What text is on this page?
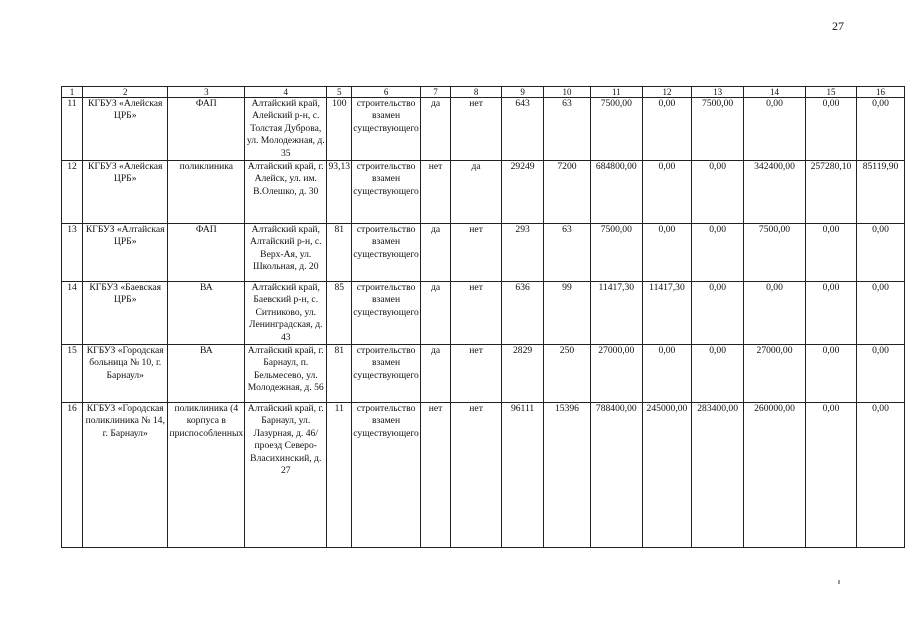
27
1	2	3	4	5	6	7	8	9	10	11	12	13	14	15	16
11	КГБУЗ «Алейская ЦРБ»	ФАП	Алтайский край, Алейский р-н, с. Толстая Дуброва, ул. Молодежная, д. 35	100	строительство взамен существующего	да	нет	643	63	7500,00	0,00	7500,00	0,00	0,00	0,00
12	КГБУЗ «Алейская ЦРБ»	поликлиника	Алтайский край, г. Алейск, ул. им. В.Олешко, д. 30	93,13	строительство взамен существующего	нет	да	29249	7200	684800,00	0,00	0,00	342400,00	257280,10	85119,90
13	КГБУЗ «Алтайская ЦРБ»	ФАП	Алтайский край, Алтайский р-н, с. Верх-Ая, ул. Школьная, д. 20	81	строительство взамен существующего	да	нет	293	63	7500,00	0,00	0,00	7500,00	0,00	0,00
14	КГБУЗ «Баевская ЦРБ»	ВА	Алтайский край, Баевский р-н, с. Ситниково, ул. Ленинградская, д. 43	85	строительство взамен существующего	да	нет	636	99	11417,30	11417,30	0,00	0,00	0,00	0,00
15	КГБУЗ «Городская больница № 10, г. Барнаул»	ВА	Алтайский край, г. Барнаул, п. Бельмесево, ул. Молодежная, д. 56	81	строительство взамен существующего	да	нет	2829	250	27000,00	0,00	0,00	27000,00	0,00	0,00
16	КГБУЗ «Городская поликлиника № 14, г. Барнаул»	поликлиника (4 корпуса в приспособленных	Алтайский край, г. Барнаул, ул. Лазурная, д. 46/проезд Северо-Власихинский, д. 27	11	строительство взамен существующего	нет	нет	96111	15396	788400,00	245000,00	283400,00	260000,00	0,00	0,00
